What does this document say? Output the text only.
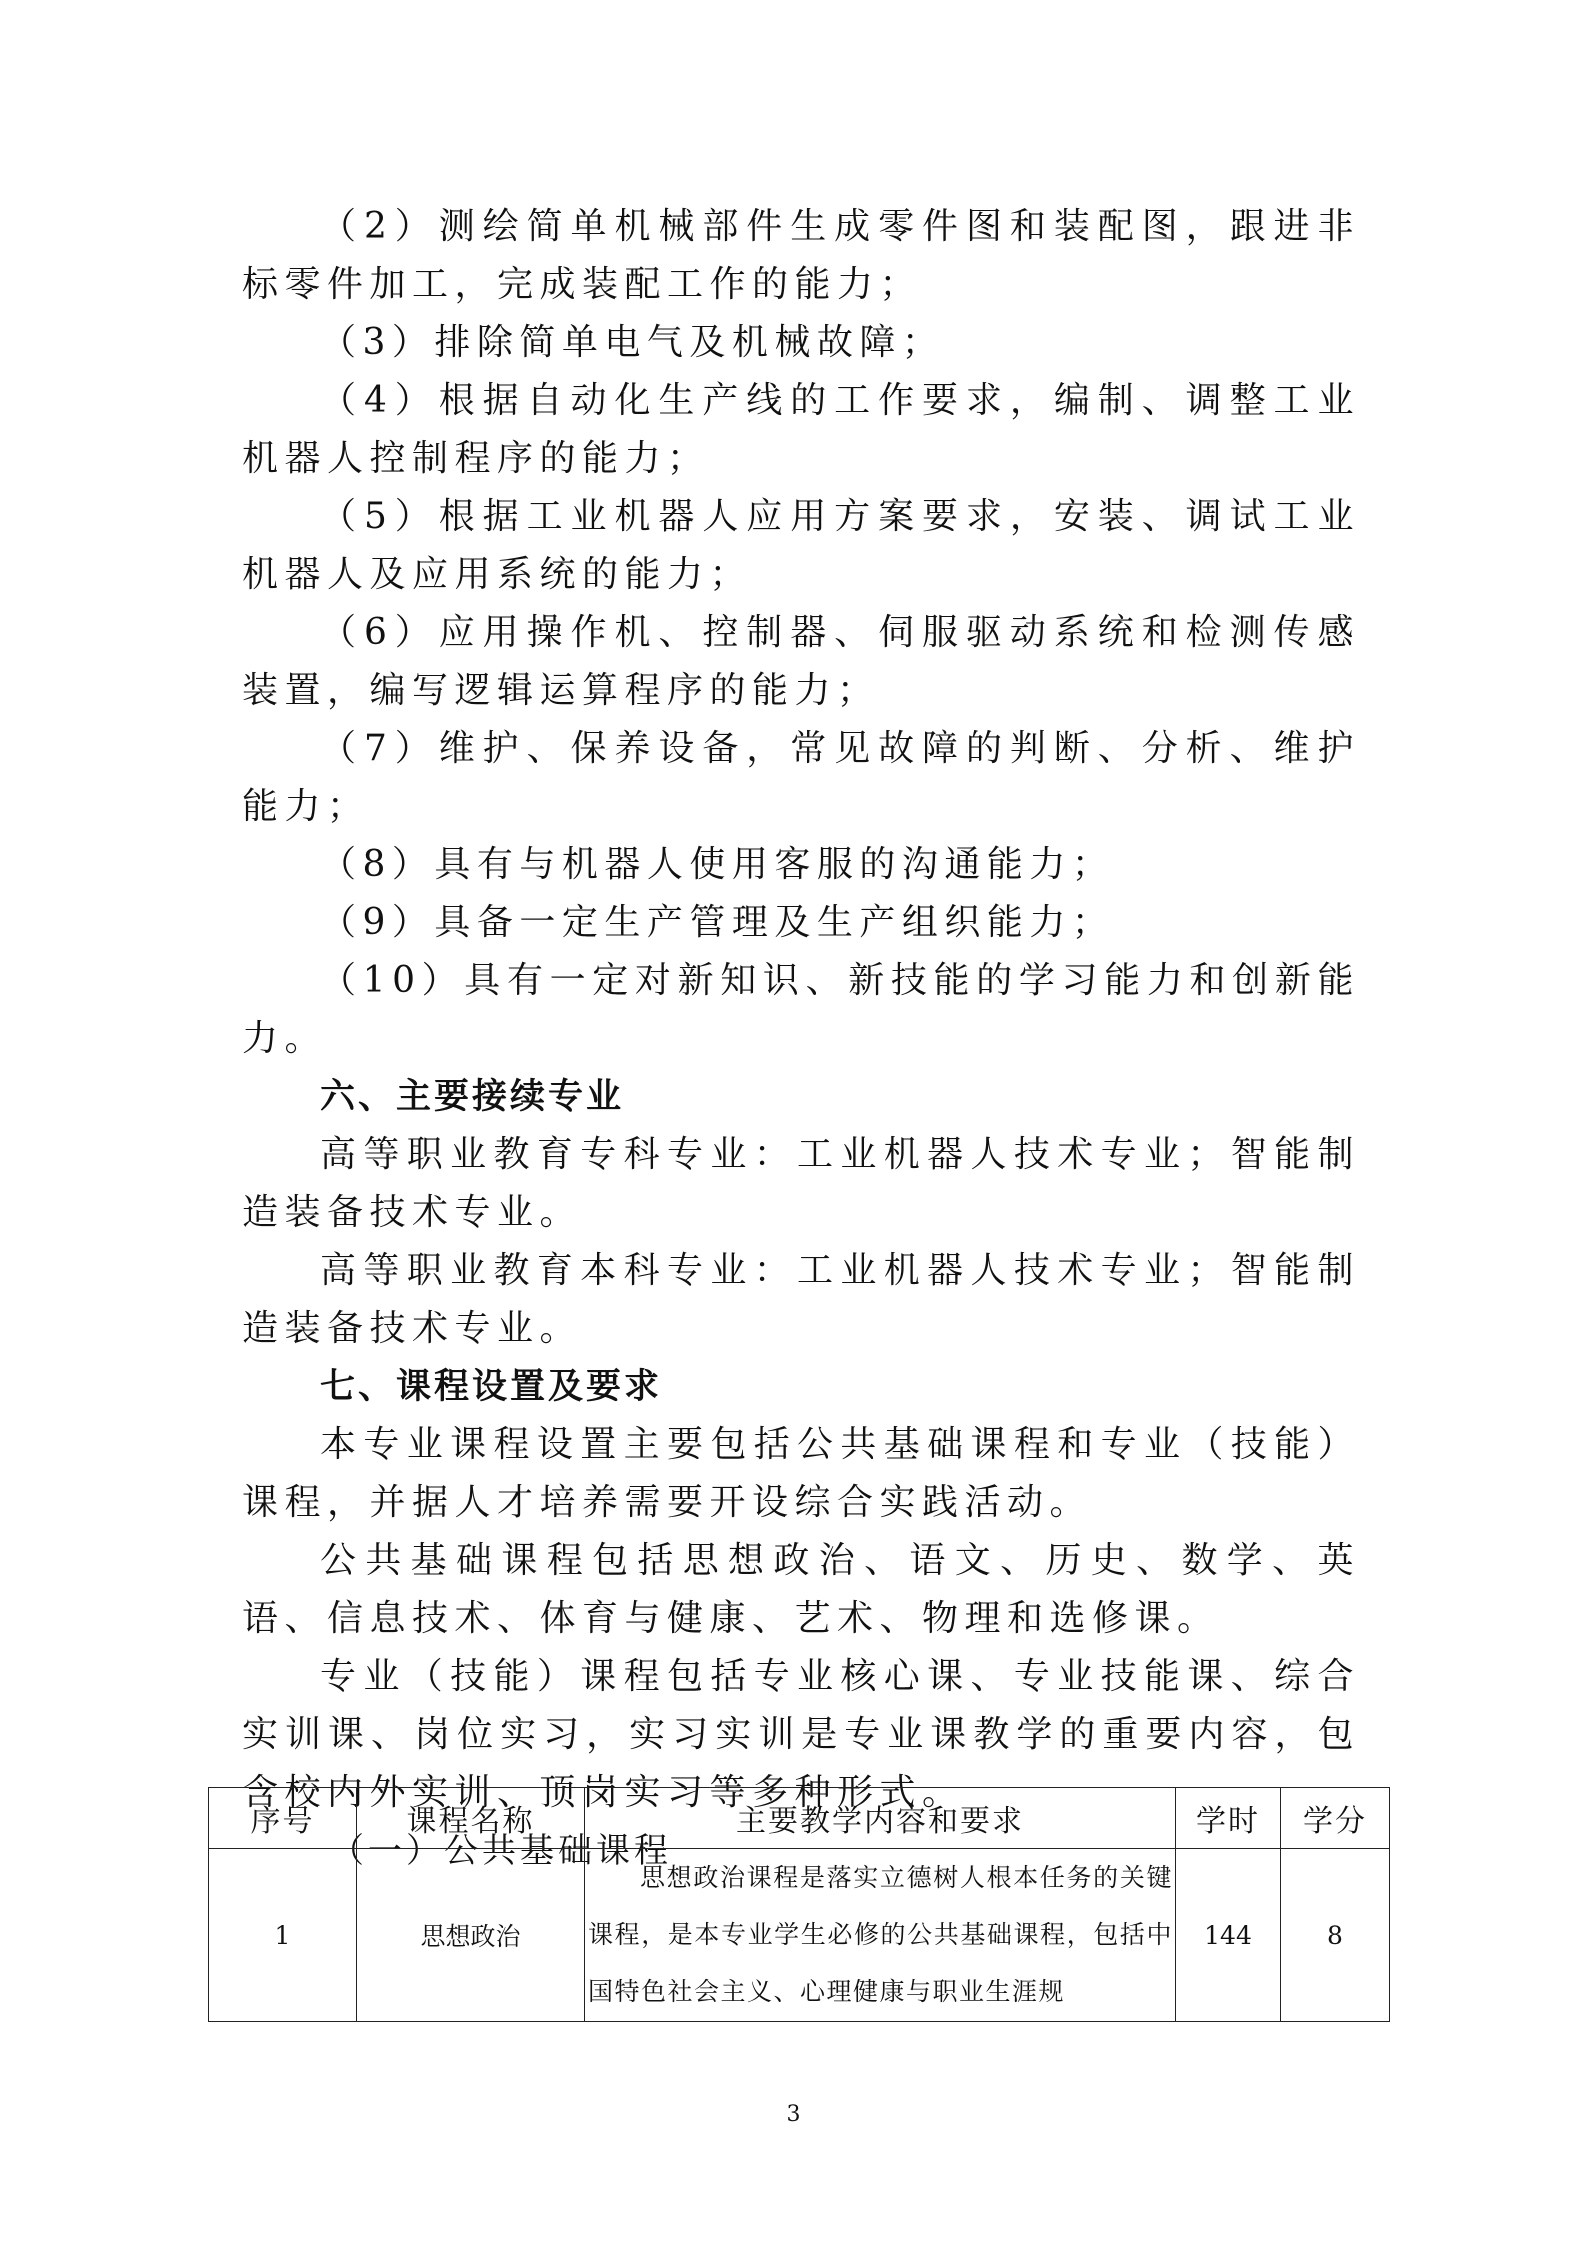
（2）测绘简单机械部件生成零件图和装配图，跟进非标零件加工，完成装配工作的能力；

（3）排除简单电气及机械故障；

（4）根据自动化生产线的工作要求，编制、调整工业机器人控制程序的能力；

（5）根据工业机器人应用方案要求，安装、调试工业机器人及应用系统的能力；

（6）应用操作机、控制器、伺服驱动系统和检测传感装置，编写逻辑运算程序的能力；

（7）维护、保养设备，常见故障的判断、分析、维护能力；

（8）具有与机器人使用客服的沟通能力；

（9）具备一定生产管理及生产组织能力；

（10）具有一定对新知识、新技能的学习能力和创新能力。

六、主要接续专业

高等职业教育专科专业：工业机器人技术专业；智能制造装备技术专业。

高等职业教育本科专业：工业机器人技术专业；智能制造装备技术专业。

七、课程设置及要求

本专业课程设置主要包括公共基础课程和专业（技能）课程，并据人才培养需要开设综合实践活动。

公共基础课程包括思想政治、语文、历史、数学、英语、信息技术、体育与健康、艺术、物理和选修课。

专业（技能）课程包括专业核心课、专业技能课、综合实训课、岗位实习，实习实训是专业课教学的重要内容，包含校内外实训、顶岗实习等多种形式。

（一）公共基础课程

序号	课程名称	主要教学内容和要求	学时	学分
1	思想政治	思想政治课程是落实立德树人根本任务的关键课程，是本专业学生必修的公共基础课程，包括中国特色社会主义、心理健康与职业生涯规	144	8
3
